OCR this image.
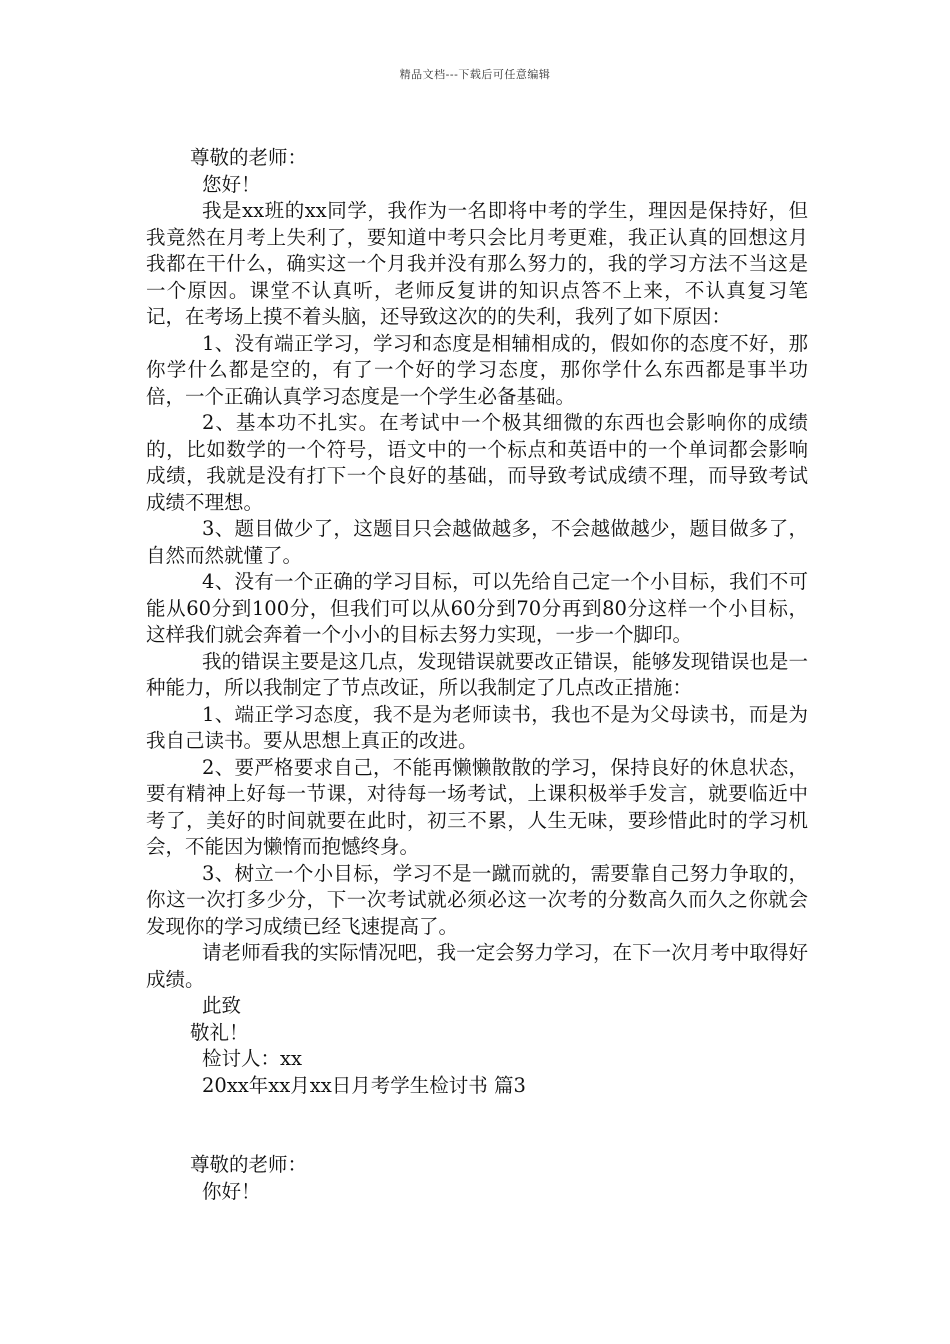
精品文档---下载后可任意编辑
尊敬的老师：
您好！
我是xx班的xx同学，我作为一名即将中考的学生，理因是保持好，但我竟然在月考上失利了，要知道中考只会比月考更难，我正认真的回想这月我都在干什么，确实这一个月我并没有那么努力的，我的学习方法不当这是一个原因。课堂不认真听，老师反复讲的知识点答不上来，不认真复习笔记，在考场上摸不着头脑，还导致这次的的失利，我列了如下原因：
1、没有端正学习，学习和态度是相辅相成的，假如你的态度不好，那你学什么都是空的，有了一个好的学习态度，那你学什么东西都是事半功倍，一个正确认真学习态度是一个学生必备基础。
2、基本功不扎实。在考试中一个极其细微的东西也会影响你的成绩的，比如数学的一个符号，语文中的一个标点和英语中的一个单词都会影响成绩，我就是没有打下一个良好的基础，而导致考试成绩不理，而导致考试成绩不理想。
3、题目做少了，这题目只会越做越多，不会越做越少，题目做多了，自然而然就懂了。
4、没有一个正确的学习目标，可以先给自己定一个小目标，我们不可能从60分到100分，但我们可以从60分到70分再到80分这样一个小目标，这样我们就会奔着一个小小的目标去努力实现，一步一个脚印。
我的错误主要是这几点，发现错误就要改正错误，能够发现错误也是一种能力，所以我制定了节点改证，所以我制定了几点改正措施：
1、端正学习态度，我不是为老师读书，我也不是为父母读书，而是为我自己读书。要从思想上真正的改进。
2、要严格要求自己，不能再懒懒散散的学习，保持良好的休息状态，要有精神上好每一节课，对待每一场考试，上课积极举手发言，就要临近中考了，美好的时间就要在此时，初三不累，人生无味，要珍惜此时的学习机会，不能因为懒惰而抱憾终身。
3、树立一个小目标，学习不是一蹴而就的，需要靠自己努力争取的，你这一次打多少分，下一次考试就必须必这一次考的分数高久而久之你就会发现你的学习成绩已经飞速提高了。
请老师看我的实际情况吧，我一定会努力学习，在下一次月考中取得好成绩。
此致
敬礼！
检讨人：xx
20xx年xx月xx日月考学生检讨书 篇3
尊敬的老师：
你好！
